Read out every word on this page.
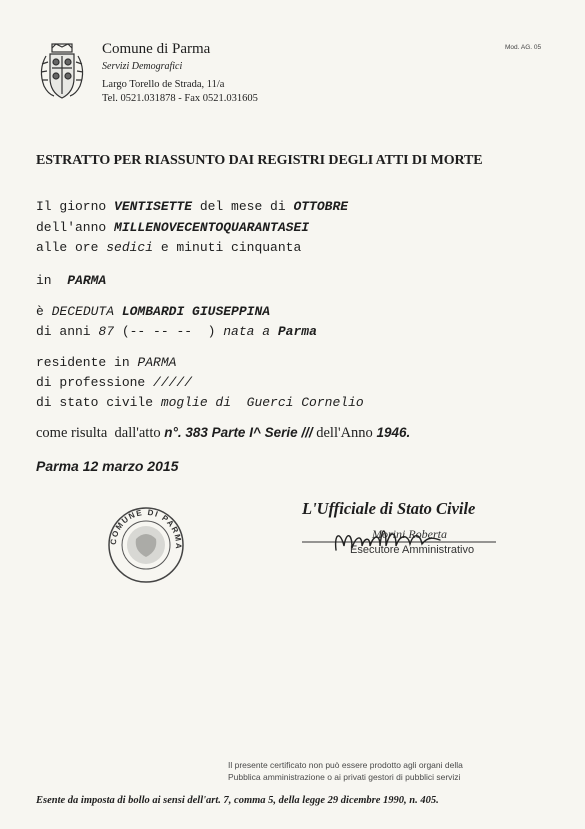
Comune di Parma
Servizi Demografici
Largo Torello de Strada, 11/a
Tel. 0521.031878 - Fax 0521.031605
Mod. AG. 05
ESTRATTO PER RIASSUNTO DAI REGISTRI DEGLI ATTI DI MORTE
Il giorno VENTISETTE del mese di OTTOBRE
dell'anno MILLENOVECENTOQUARANTASEI
alle ore sedici e minuti cinquanta
in  PARMA
è DECEDUTA LOMBARDI GIUSEPPINA
di anni 87 (-- -- --  ) nata a Parma
residente in PARMA
di professione /////
di stato civile moglie di  Guerci Cornelio
come risulta  dall'atto n°. 383 Parte I^ Serie /// dell'Anno 1946.
Parma 12 marzo 2015
COMUNE DI PARMA
L'Ufficiale di Stato Civile
Morini Roberta
Esecutore Amministrativo
Il presente certificato non può essere prodotto agli organi della
Pubblica amministrazione o ai privati gestori di pubblici servizi
Esente da imposta di bollo ai sensi dell'art. 7, comma 5, della legge 29 dicembre 1990, n. 405.
